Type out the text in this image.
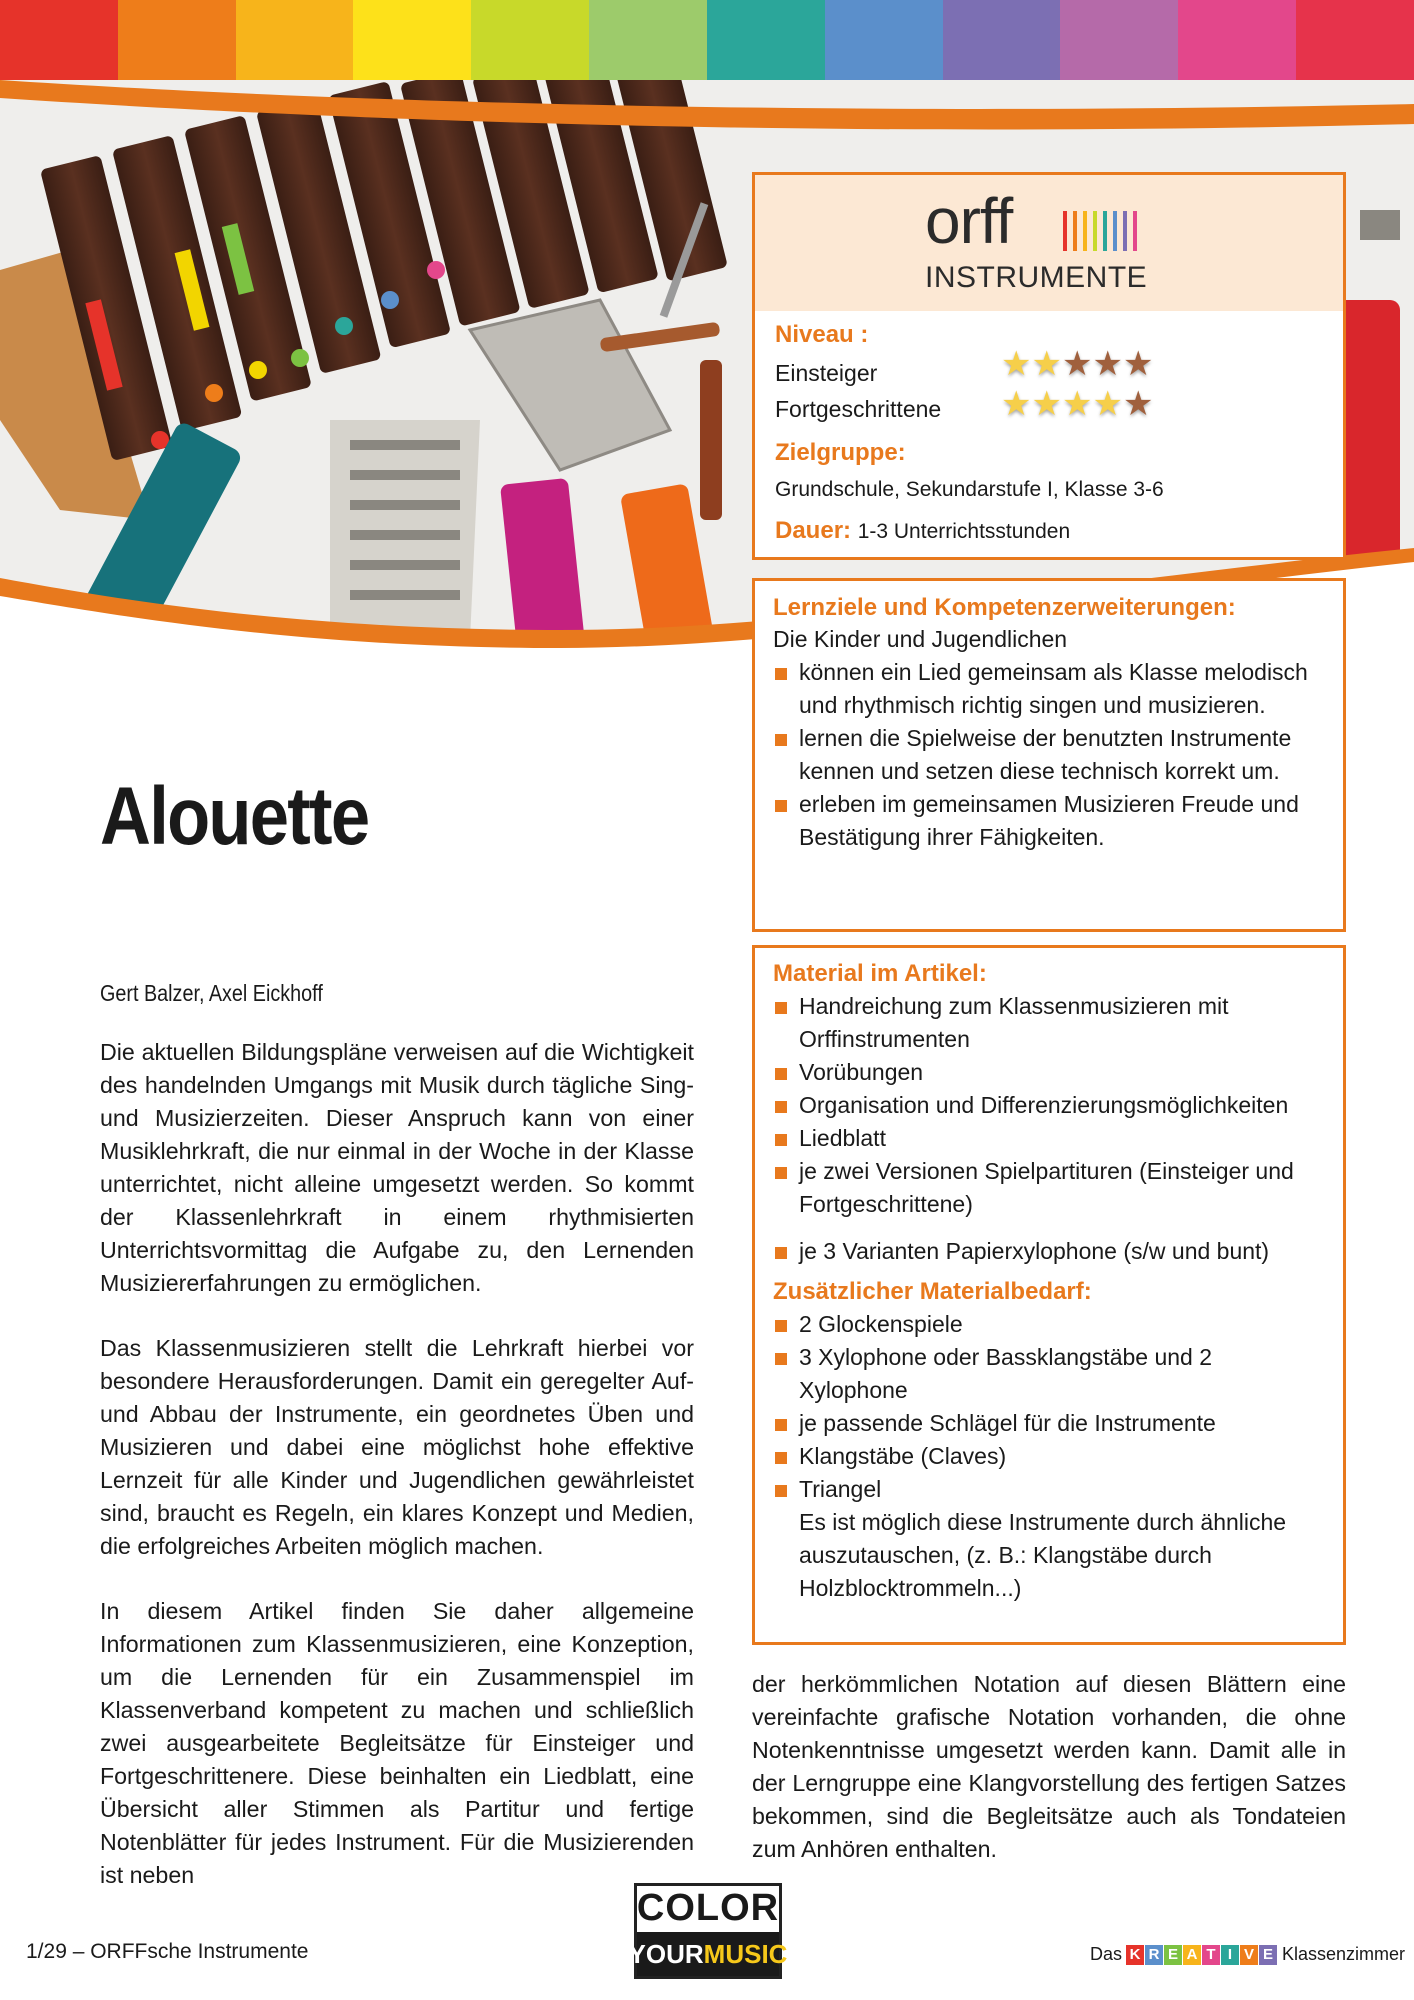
orff
INSTRUMENTE
Niveau :
Einsteiger
Fortgeschrittene
★ ★ ★ ★ ★
★ ★ ★ ★ ★
Zielgruppe:
Grundschule, Sekundarstufe I, Klasse 3-6
Dauer: 1-3 Unterrichtsstunden
Lernziele und Kompetenzerweiterungen:
Die Kinder und Jugendlichen
können ein Lied gemeinsam als Klasse melodisch und rhythmisch richtig singen und musizieren.
lernen die Spielweise der benutzten Instrumente kennen und setzen diese technisch korrekt um.
erleben im gemeinsamen Musizieren Freude und Bestätigung ihrer Fähigkeiten.
Material im Artikel:
Handreichung zum Klassenmusizieren mit Orffinstrumenten
Vorübungen
Organisation und Differenzierungsmöglichkeiten
Liedblatt
je zwei Versionen Spielpartituren (Einsteiger und Fortgeschrittene)
je 3 Varianten Papierxylophone (s/w und bunt)
Zusätzlicher Materialbedarf:
2 Glockenspiele
3 Xylophone oder Bassklangstäbe und 2 Xylophone
je passende Schlägel für die Instrumente
Klangstäbe (Claves)
Triangel
Es ist möglich diese Instrumente durch ähnliche auszutauschen, (z. B.: Klangstäbe durch Holzblocktrommeln...)
Alouette
Gert Balzer, Axel Eickhoff

Die aktuellen Bildungspläne verweisen auf die Wichtigkeit des handelnden Umgangs mit Musik durch tägliche Sing- und Musizierzeiten. Dieser Anspruch kann von einer Musiklehrkraft, die nur einmal in der Woche in der Klasse unterrichtet, nicht alleine umgesetzt werden. So kommt der Klassenlehrkraft in einem rhythmisierten Unterrichtsvormittag die Aufgabe zu, den Lernenden Musiziererfahrungen zu ermöglichen.

Das Klassenmusizieren stellt die Lehrkraft hierbei vor besondere Herausforderungen. Damit ein geregelter Auf- und Abbau der Instrumente, ein geordnetes Üben und Musizieren und dabei eine möglichst hohe effektive Lernzeit für alle Kinder und Jugendlichen gewährleistet sind, braucht es Regeln, ein klares Konzept und Medien, die erfolgreiches Arbeiten möglich machen.

In diesem Artikel finden Sie daher allgemeine Informationen zum Klassenmusizieren, eine Konzeption, um die Lernenden für ein Zusammenspiel im Klassenverband kompetent zu machen und schließlich zwei ausgearbeitete Begleitsätze für Einsteiger und Fortgeschrittenere. Diese beinhalten ein Liedblatt, eine Übersicht aller Stimmen als Partitur und fertige Notenblätter für jedes Instrument. Für die Musizierenden ist neben

der herkömmlichen Notation auf diesen Blättern eine vereinfachte grafische Notation vorhanden, die ohne Notenkenntnisse umgesetzt werden kann. Damit alle in der Lerngruppe eine Klangvorstellung des fertigen Satzes bekommen, sind die Begleitsätze auch als Tondateien zum Anhören enthalten.

1/29 – ORFFsche Instrumente
COLOR
YOUR MUSIC	Das K R E A T I V E Klassenzimmer
